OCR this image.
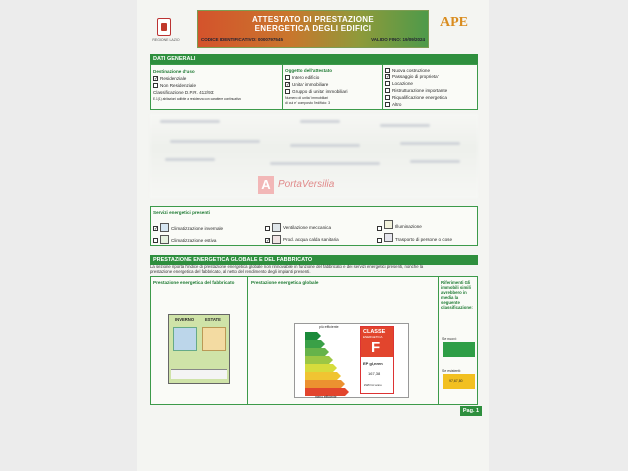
REGIONE LAZIO
ATTESTATO DI PRESTAZIONE
ENERGETICA DEGLI EDIFICI
CODICE IDENTIFICATIVO: 0000797545	VALIDO FINO: 19/09/2024
APE
DATI GENERALI
Destinazione d'uso
✓ Residenziale
Non Residenziale
Classificazione D.P.R. 412/93:
E.1(1) abitazioni adibite a residenza con carattere continuativo
Oggetto dell'attestato
Intero edificio
✓ Unita' immobiliare
Gruppo di unita' immobiliari
Numero di unita' immobiliari
di cui e' composto l'edificio: 3
Nuova costruzione
✓ Passaggio di proprieta'
Locazione
Ristrutturazione importante
Riqualificazione energetica
Altro
A PortaVersilia
Servizi energetici presenti
✓	Climatizzazione invernale
Climatizzazione estiva
Ventilazione meccanica
✓	Prod. acqua calda sanitaria
Illuminazione
Trasporto di persone o cose
PRESTAZIONE ENERGETICA GLOBALE E DEL FABBRICATO
La sezione riporta l'indice di prestazione energetica globale non rinnovabile in funzione del fabbricato e dei servizi energetici presenti, nonche la prestazione energetica del fabbricato, al netto del rendimento degli impianti presenti.
Prestazione energetica del fabbricato
INVERNO	ESTATE
Prestazione energetica globale
più efficiente
meno efficiente
CLASSE
ENERGETICA
F
EP gl,nren
167,38
kWh/m² anno
Riferimenti Gli immobili simili avrebbero in media la seguente classificazione:
Se nuovi:
Se esistenti:
97,67,80
Pag. 1
